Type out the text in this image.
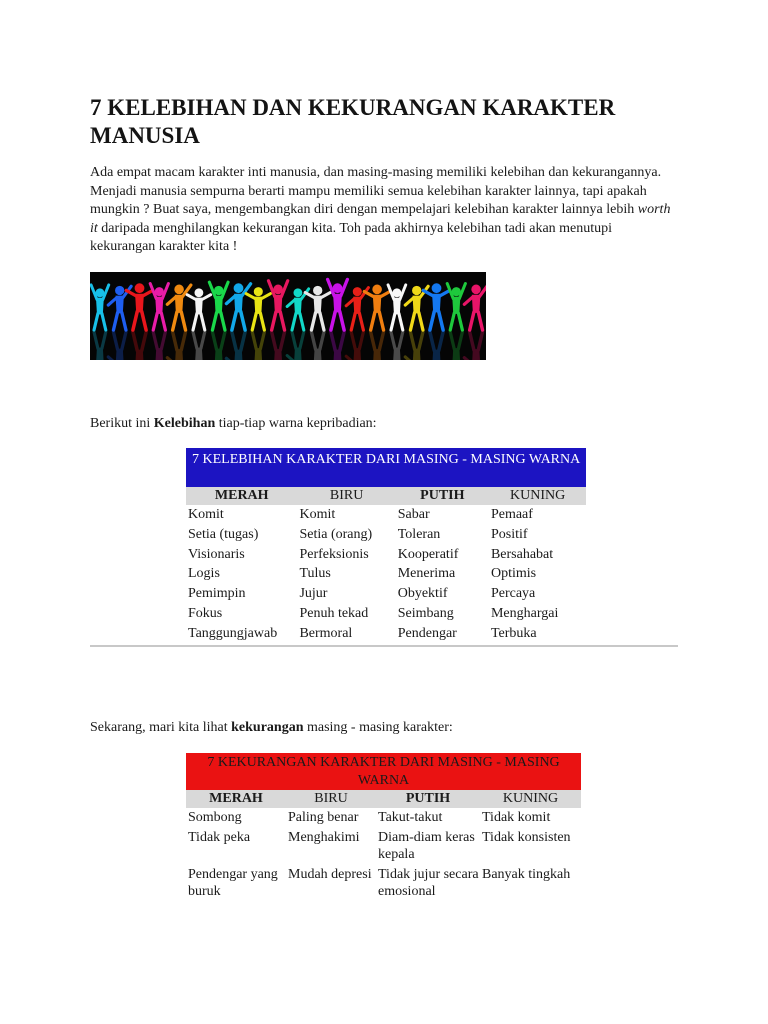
7 KELEBIHAN DAN KEKURANGAN KARAKTER MANUSIA

Ada empat macam karakter inti manusia, dan masing-masing memiliki kelebihan dan kekurangannya. Menjadi manusia sempurna berarti mampu memiliki semua kelebihan karakter lainnya, tapi apakah mungkin ? Buat saya, mengembangkan diri dengan mempelajari kelebihan karakter lainnya lebih worth it daripada menghilangkan kekurangan kita. Toh pada akhirnya kelebihan tadi akan menutupi kekurangan karakter kita !

Berikut ini Kelebihan tiap-tiap warna kepribadian:

7 KELEBIHAN KARAKTER DARI MASING - MASING WARNA			
MERAH	BIRU	PUTIH	KUNING
Komit	Komit	Sabar	Pemaaf
Setia (tugas)	Setia (orang)	Toleran	Positif
Visionaris	Perfeksionis	Kooperatif	Bersahabat
Logis	Tulus	Menerima	Optimis
Pemimpin	Jujur	Obyektif	Percaya
Fokus	Penuh tekad	Seimbang	Menghargai
Tanggungjawab	Bermoral	Pendengar	Terbuka

Sekarang, mari kita lihat kekurangan masing - masing karakter:

7 KEKURANGAN KARAKTER DARI MASING - MASING WARNA			
MERAH	BIRU	PUTIH	KUNING
Sombong	Paling benar	Takut-takut	Tidak komit
Tidak peka	Menghakimi	Diam-diam keras kepala	Tidak konsisten
Pendengar yang buruk	Mudah depresi	Tidak jujur secara emosional	Banyak tingkah
